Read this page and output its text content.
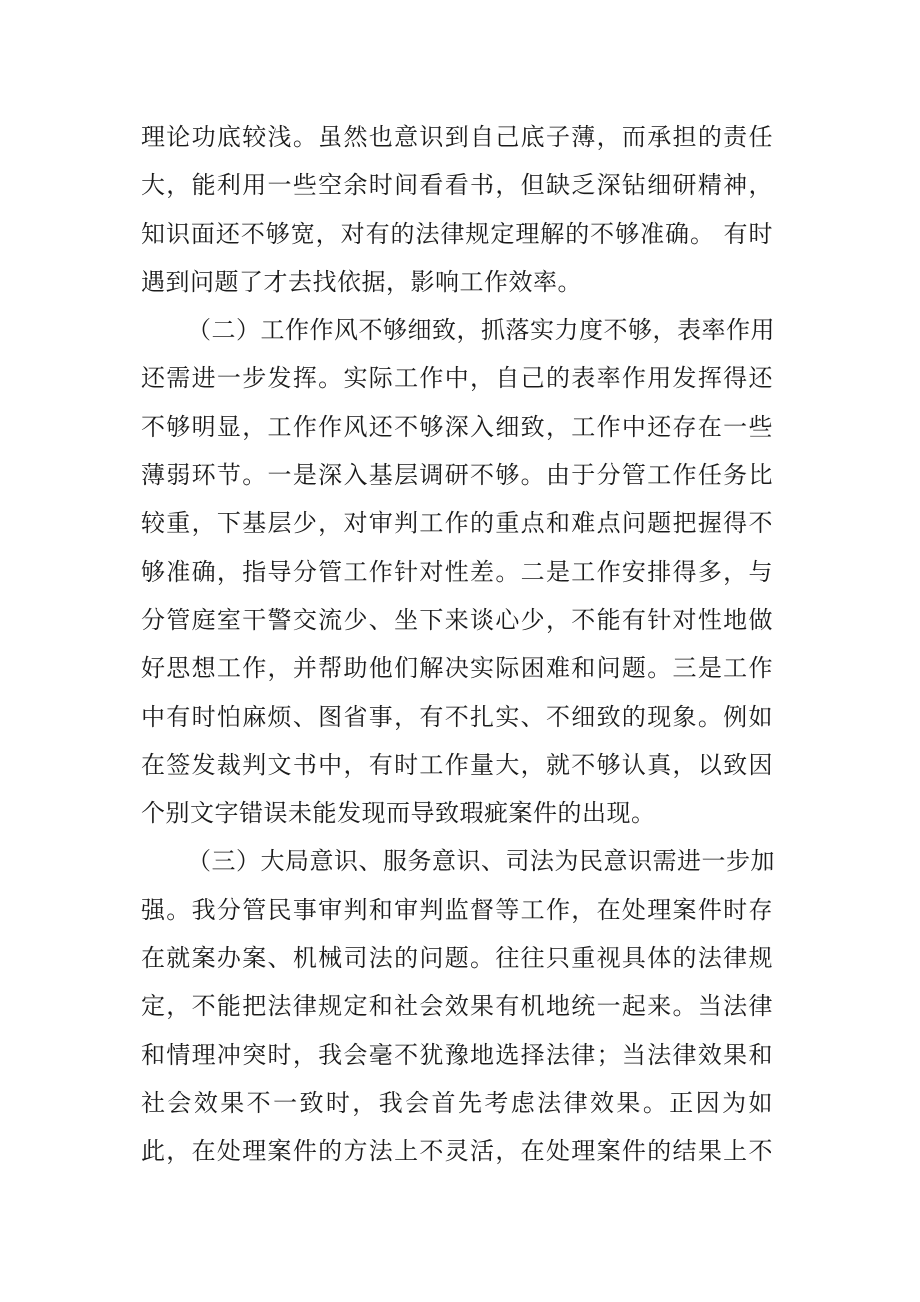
理论功底较浅。虽然也意识到自己底子薄，而承担的责任
大，能利用一些空余时间看看书，但缺乏深钻细研精神，
知识面还不够宽，对有的法律规定理解的不够准确。 有时
遇到问题了才去找依据，影响工作效率。
（二）工作作风不够细致，抓落实力度不够，表率作用
还需进一步发挥。实际工作中，自己的表率作用发挥得还
不够明显，工作作风还不够深入细致，工作中还存在一些
薄弱环节。一是深入基层调研不够。由于分管工作任务比
较重，下基层少，对审判工作的重点和难点问题把握得不
够准确，指导分管工作针对性差。二是工作安排得多，与
分管庭室干警交流少、坐下来谈心少，不能有针对性地做
好思想工作，并帮助他们解决实际困难和问题。三是工作
中有时怕麻烦、图省事，有不扎实、不细致的现象。例如
在签发裁判文书中，有时工作量大，就不够认真，以致因
个别文字错误未能发现而导致瑕疵案件的出现。
（三）大局意识、服务意识、司法为民意识需进一步加
强。我分管民事审判和审判监督等工作，在处理案件时存
在就案办案、机械司法的问题。往往只重视具体的法律规
定，不能把法律规定和社会效果有机地统一起来。当法律
和情理冲突时，我会毫不犹豫地选择法律；当法律效果和
社会效果不一致时，我会首先考虑法律效果。正因为如
此，在处理案件的方法上不灵活，在处理案件的结果上不
